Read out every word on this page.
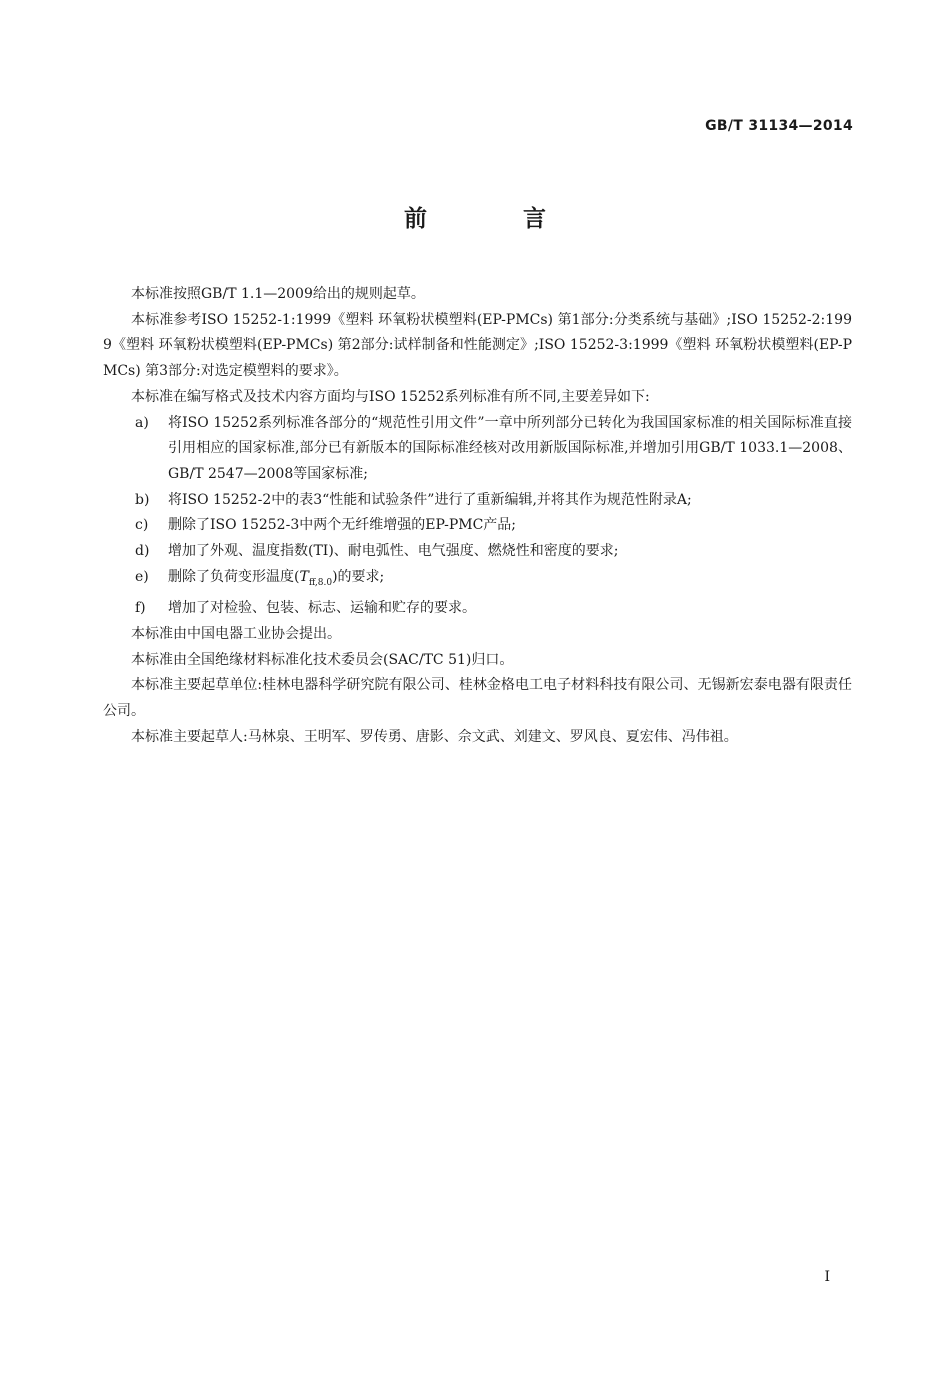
GB/T 31134—2014
前 言

本标准按照GB/T 1.1—2009给出的规则起草。

本标准参考ISO 15252-1:1999《塑料 环氧粉状模塑料(EP-PMCs) 第1部分:分类系统与基础》;ISO 15252-2:1999《塑料 环氧粉状模塑料(EP-PMCs) 第2部分:试样制备和性能测定》;ISO 15252-3:1999《塑料 环氧粉状模塑料(EP-PMCs) 第3部分:对选定模塑料的要求》。

本标准在编写格式及技术内容方面均与ISO 15252系列标准有所不同,主要差异如下:

a) 将ISO 15252系列标准各部分的“规范性引用文件”一章中所列部分已转化为我国国家标准的相关国际标准直接引用相应的国家标准,部分已有新版本的国际标准经核对改用新版国际标准,并增加引用GB/T 1033.1—2008、GB/T 2547—2008等国家标准;

b) 将ISO 15252-2中的表3“性能和试验条件”进行了重新编辑,并将其作为规范性附录A;

c) 删除了ISO 15252-3中两个无纤维增强的EP-PMC产品;

d) 增加了外观、温度指数(TI)、耐电弧性、电气强度、燃烧性和密度的要求;

e) 删除了负荷变形温度$(T_{ff,8.0})$的要求;

f) 增加了对检验、包装、标志、运输和贮存的要求。

本标准由中国电器工业协会提出。

本标准由全国绝缘材料标准化技术委员会(SAC/TC 51)归口。

本标准主要起草单位:桂林电器科学研究院有限公司、桂林金格电工电子材料科技有限公司、无锡新宏泰电器有限责任公司。

本标准主要起草人:马林泉、王明军、罗传勇、唐影、佘文武、刘建文、罗风良、夏宏伟、冯伟祖。

I
